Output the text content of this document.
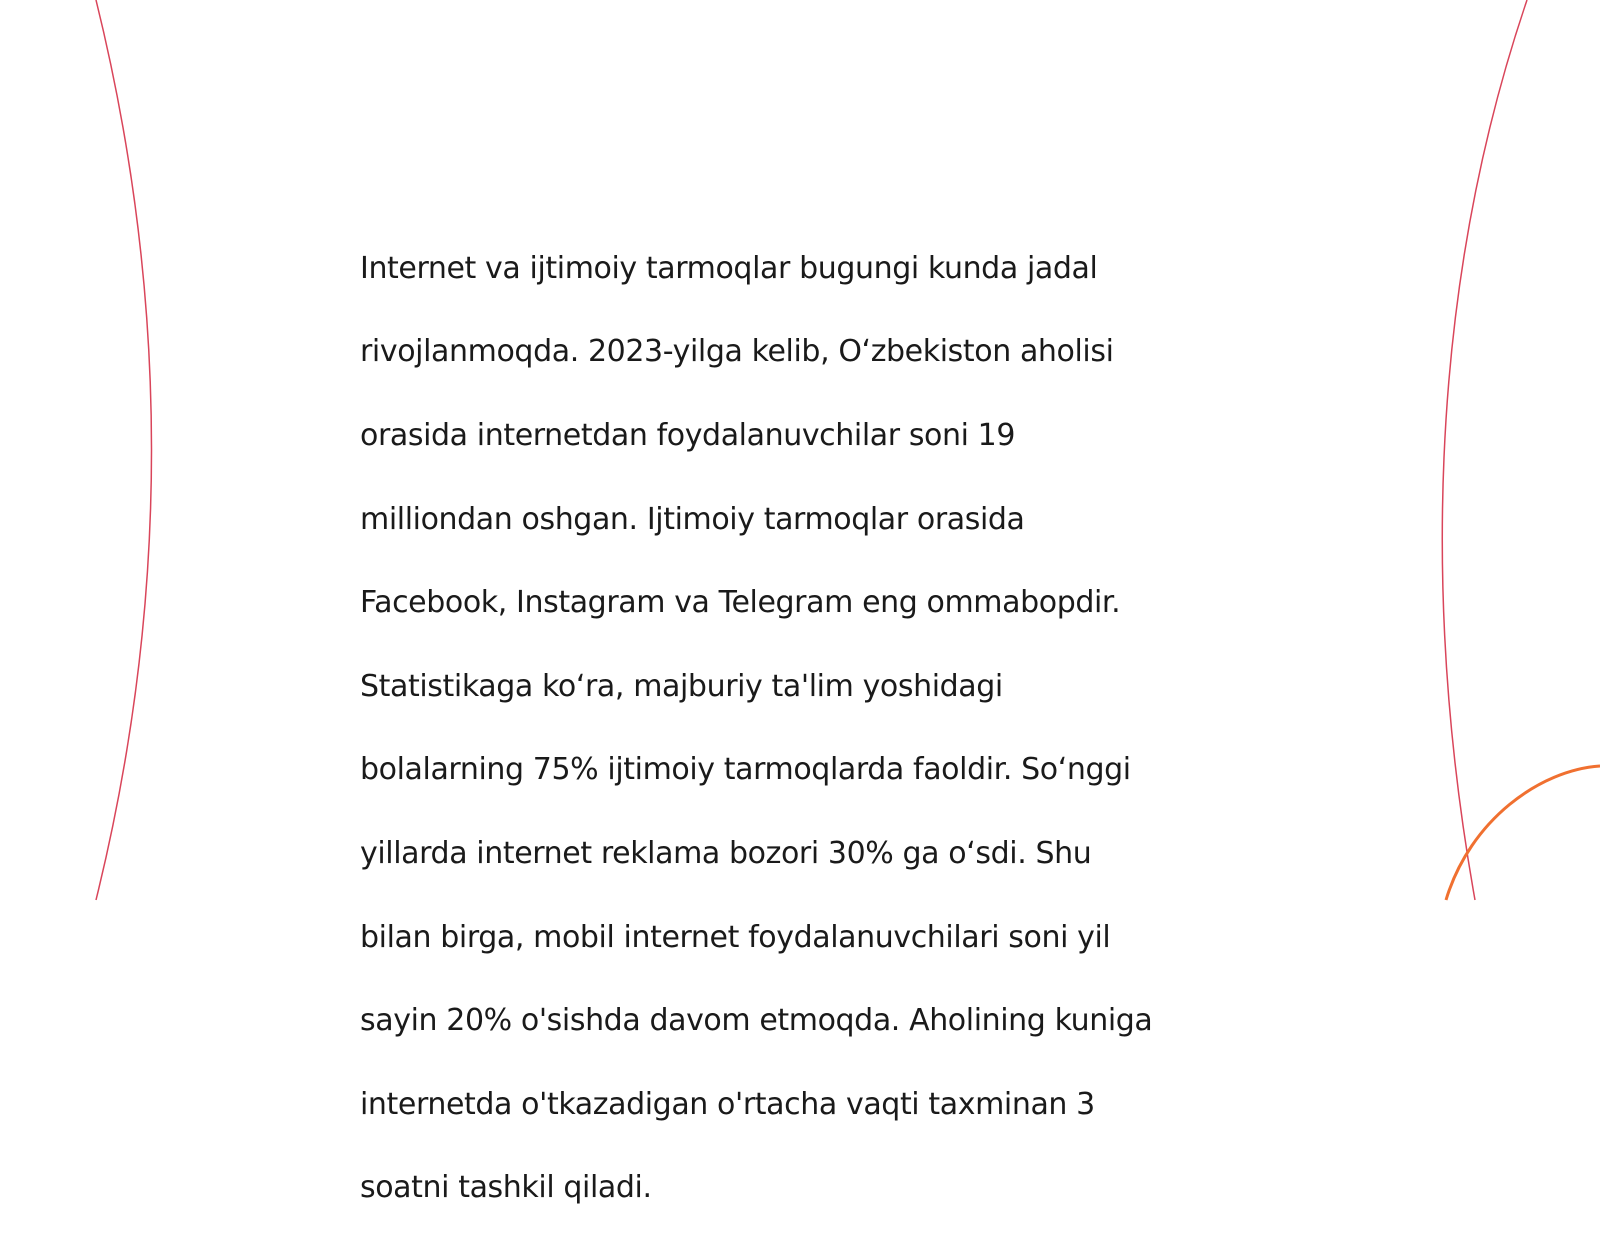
Internet va ijtimoiy tarmoqlar bugungi kunda jadal

rivojlanmoqda. 2023-yilga kelib, O‘zbekiston aholisi

orasida internetdan foydalanuvchilar soni 19

milliondan oshgan. Ijtimoiy tarmoqlar orasida

Facebook, Instagram va Telegram eng ommabopdir.

Statistikaga ko‘ra, majburiy ta'lim yoshidagi

bolalarning 75% ijtimoiy tarmoqlarda faoldir. So‘nggi

yillarda internet reklama bozori 30% ga o‘sdi. Shu

bilan birga, mobil internet foydalanuvchilari soni yil

sayin 20% o'sishda davom etmoqda. Aholining kuniga

internetda o'tkazadigan o'rtacha vaqti taxminan 3

soatni tashkil qiladi.
